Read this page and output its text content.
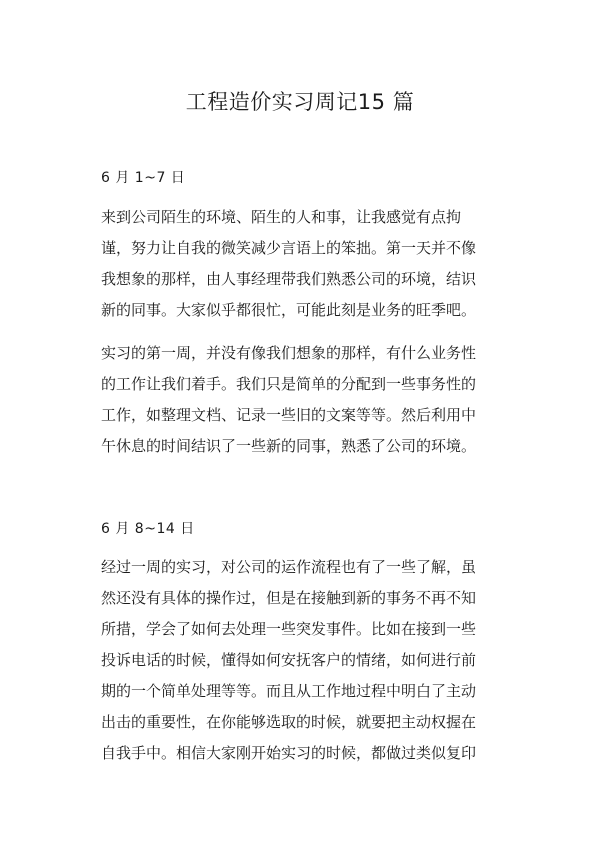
工程造价实习周记15 篇
6 月 1~7 日

来到公司陌生的环境、陌生的人和事，让我感觉有点拘
谨，努力让自我的微笑减少言语上的笨拙。第一天并不像
我想象的那样，由人事经理带我们熟悉公司的环境，结识
新的同事。大家似乎都很忙，可能此刻是业务的旺季吧。

实习的第一周，并没有像我们想象的那样，有什么业务性
的工作让我们着手。我们只是简单的分配到一些事务性的
工作，如整理文档、记录一些旧的文案等等。然后利用中
午休息的时间结识了一些新的同事，熟悉了公司的环境。

6 月 8~14 日

经过一周的实习，对公司的运作流程也有了一些了解，虽
然还没有具体的操作过，但是在接触到新的事务不再不知
所措，学会了如何去处理一些突发事件。比如在接到一些
投诉电话的时候，懂得如何安抚客户的情绪，如何进行前
期的一个简单处理等等。而且从工作地过程中明白了主动
出击的重要性，在你能够选取的时候，就要把主动权握在
自我手中。相信大家刚开始实习的时候，都做过类似复印
